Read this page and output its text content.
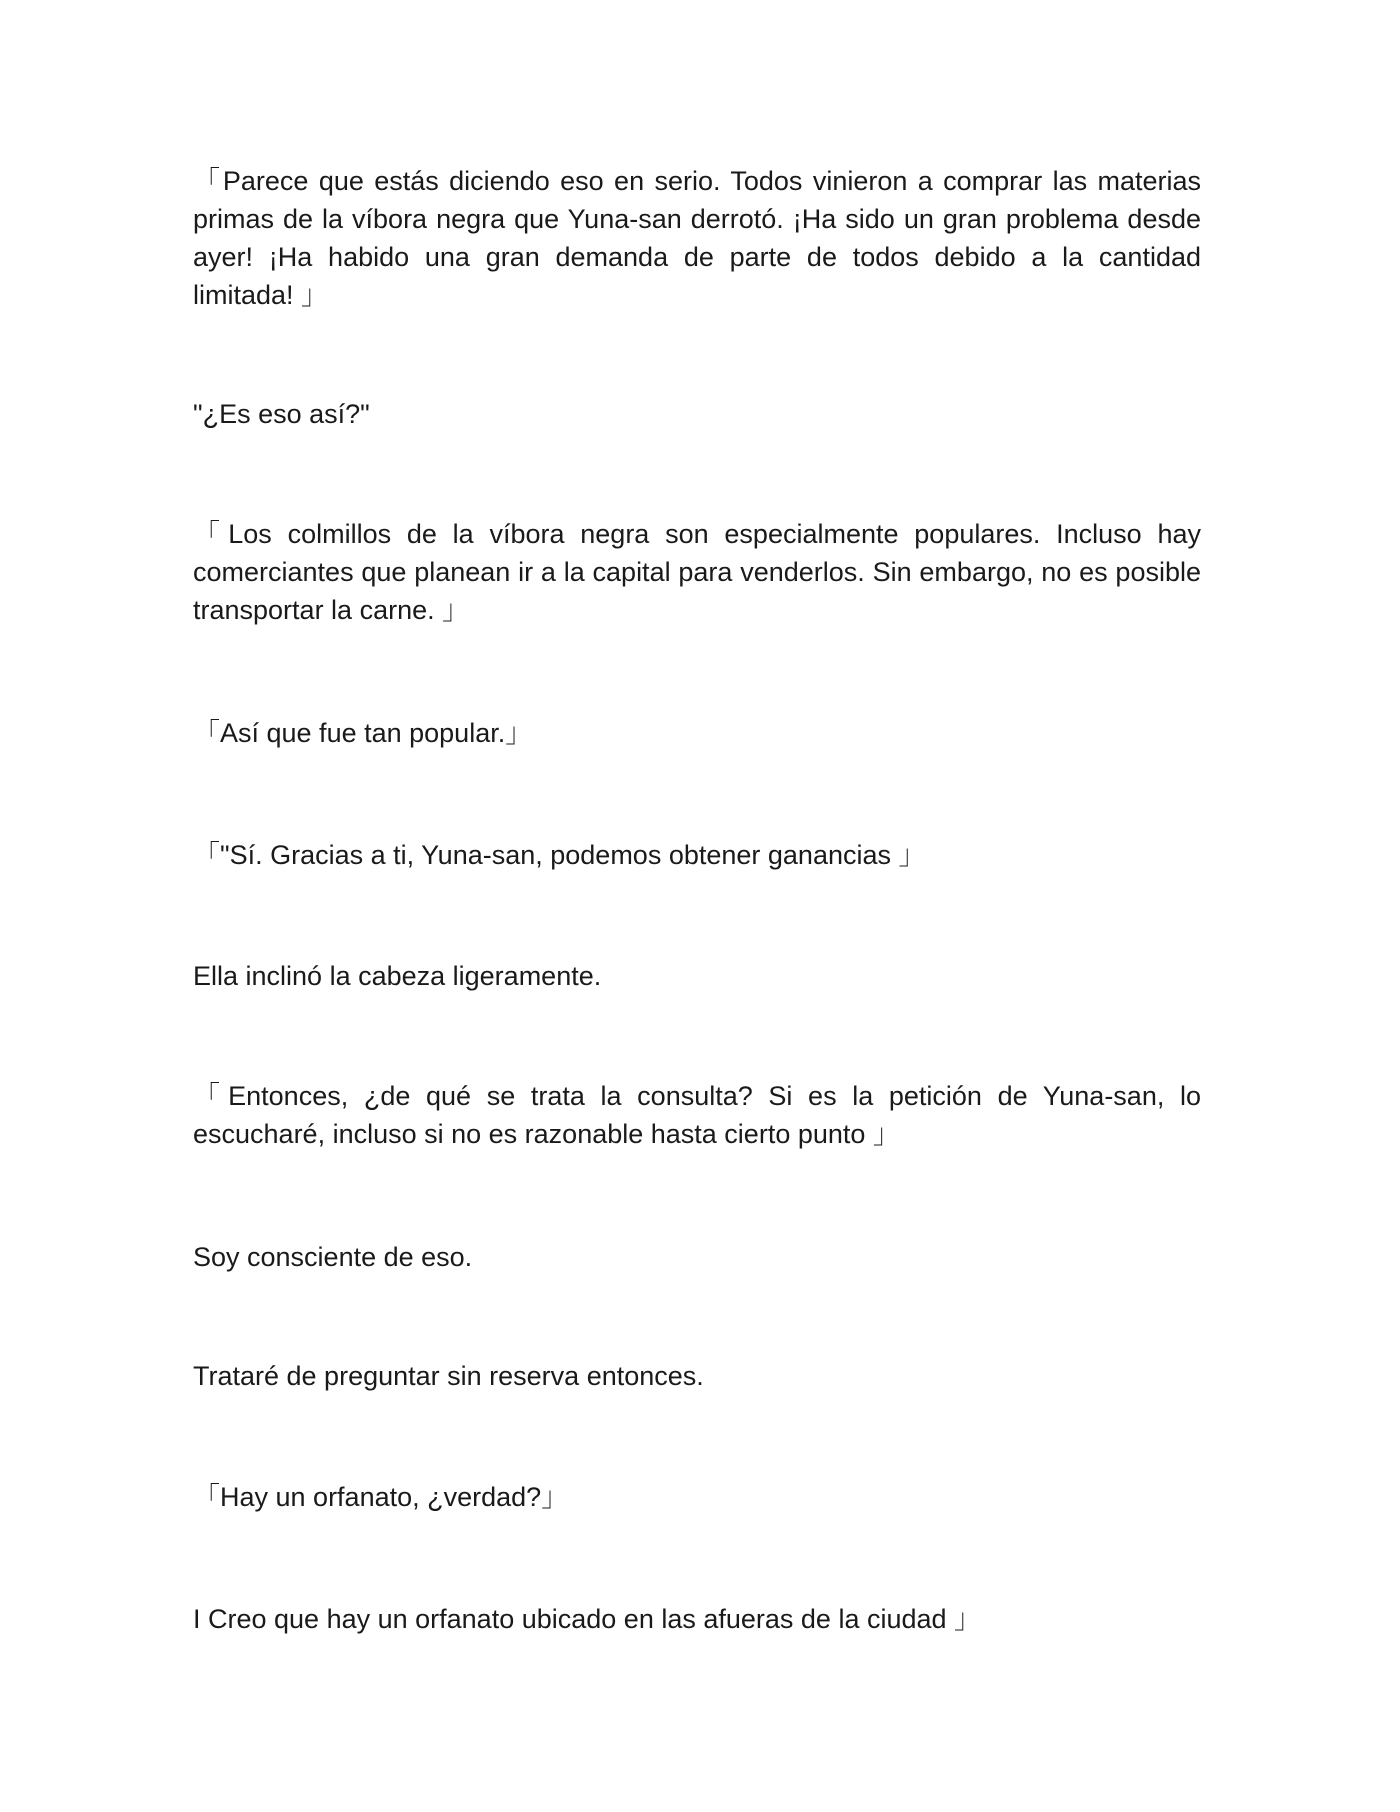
「Parece que estás diciendo eso en serio. Todos vinieron a comprar las materias primas de la víbora negra que Yuna-san derrotó. ¡Ha sido un gran problema desde ayer! ¡Ha habido una gran demanda de parte de todos debido a la cantidad limitada! 」

"¿Es eso así?"

「Los colmillos de la víbora negra son especialmente populares. Incluso hay comerciantes que planean ir a la capital para venderlos. Sin embargo, no es posible transportar la carne. 」

「Así que fue tan popular.」

「"Sí. Gracias a ti, Yuna-san, podemos obtener ganancias 」

Ella inclinó la cabeza ligeramente.

「Entonces, ¿de qué se trata la consulta? Si es la petición de Yuna-san, lo escucharé, incluso si no es razonable hasta cierto punto 」

Soy consciente de eso.

Trataré de preguntar sin reserva entonces.

「Hay un orfanato, ¿verdad?」

I Creo que hay un orfanato ubicado en las afueras de la ciudad 」
